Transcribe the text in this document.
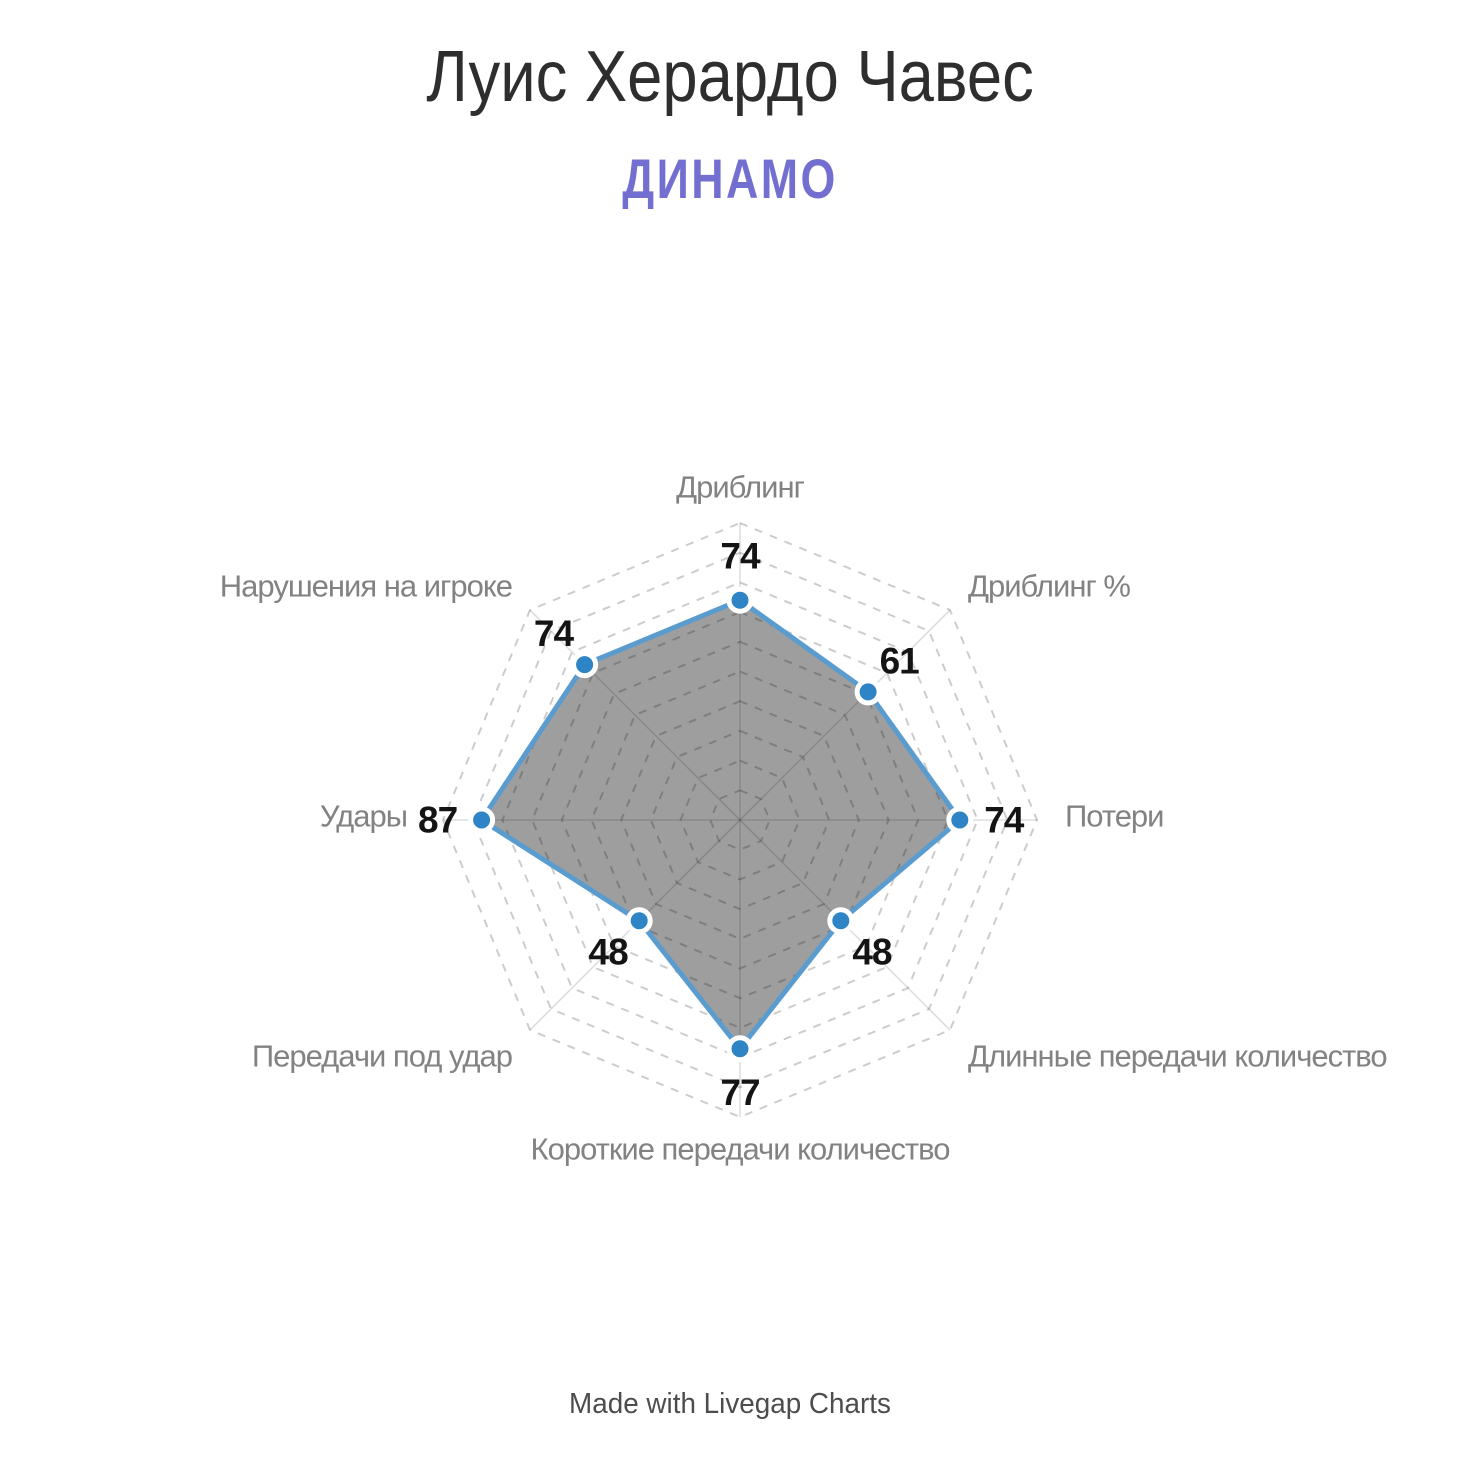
Луис Херардо Чавес
ДИНАМО
74
61
74
48
77
48
87
74
Дриблинг
Дриблинг %
Потери
Длинные передачи количество
Короткие передачи количество
Передачи под удар
Удары
Нарушения на игроке
Made with Livegap Charts
